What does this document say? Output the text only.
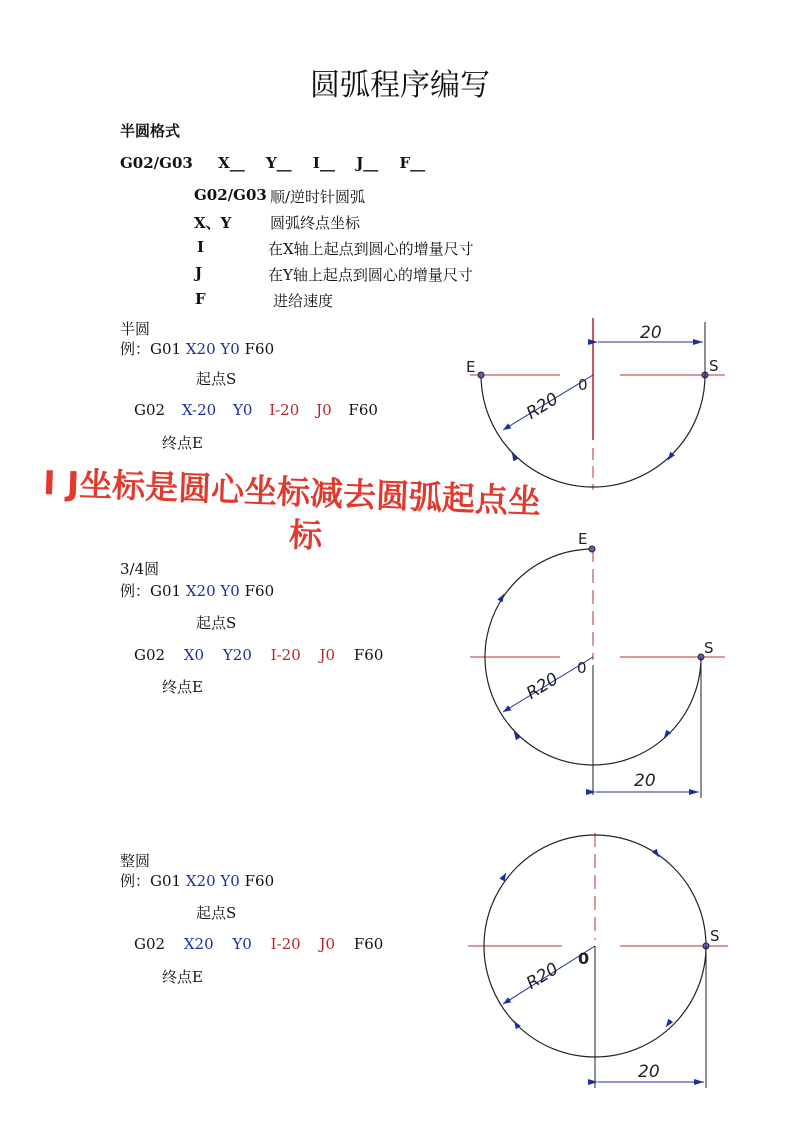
圆弧程序编写
半圆格式
G02/G03 X__ Y__ I__ J__ F__
G02/G03 顺/逆时针圆弧
X、Y	圆弧终点坐标
I	在X轴上起点到圆心的增量尺寸
J	在Y轴上起点到圆心的增量尺寸
F	进给速度
半圆
例：G01 X20 Y0 F60
起点S
G02 X-20 Y0 I-20 J0 F60
终点E
I J坐标是圆心坐标减去圆弧起点坐
标
3/4圆
例：G01 X20 Y0 F60
起点S
G02 X0 Y20 I-20 J0 F60
终点E
整圆
例：G01 X20 Y0 F60
起点S
G02 X20 Y0 I-20 J0 F60
终点E
20
R20
0
S
E
20
R20
0
S
E
20
R20
0
S
